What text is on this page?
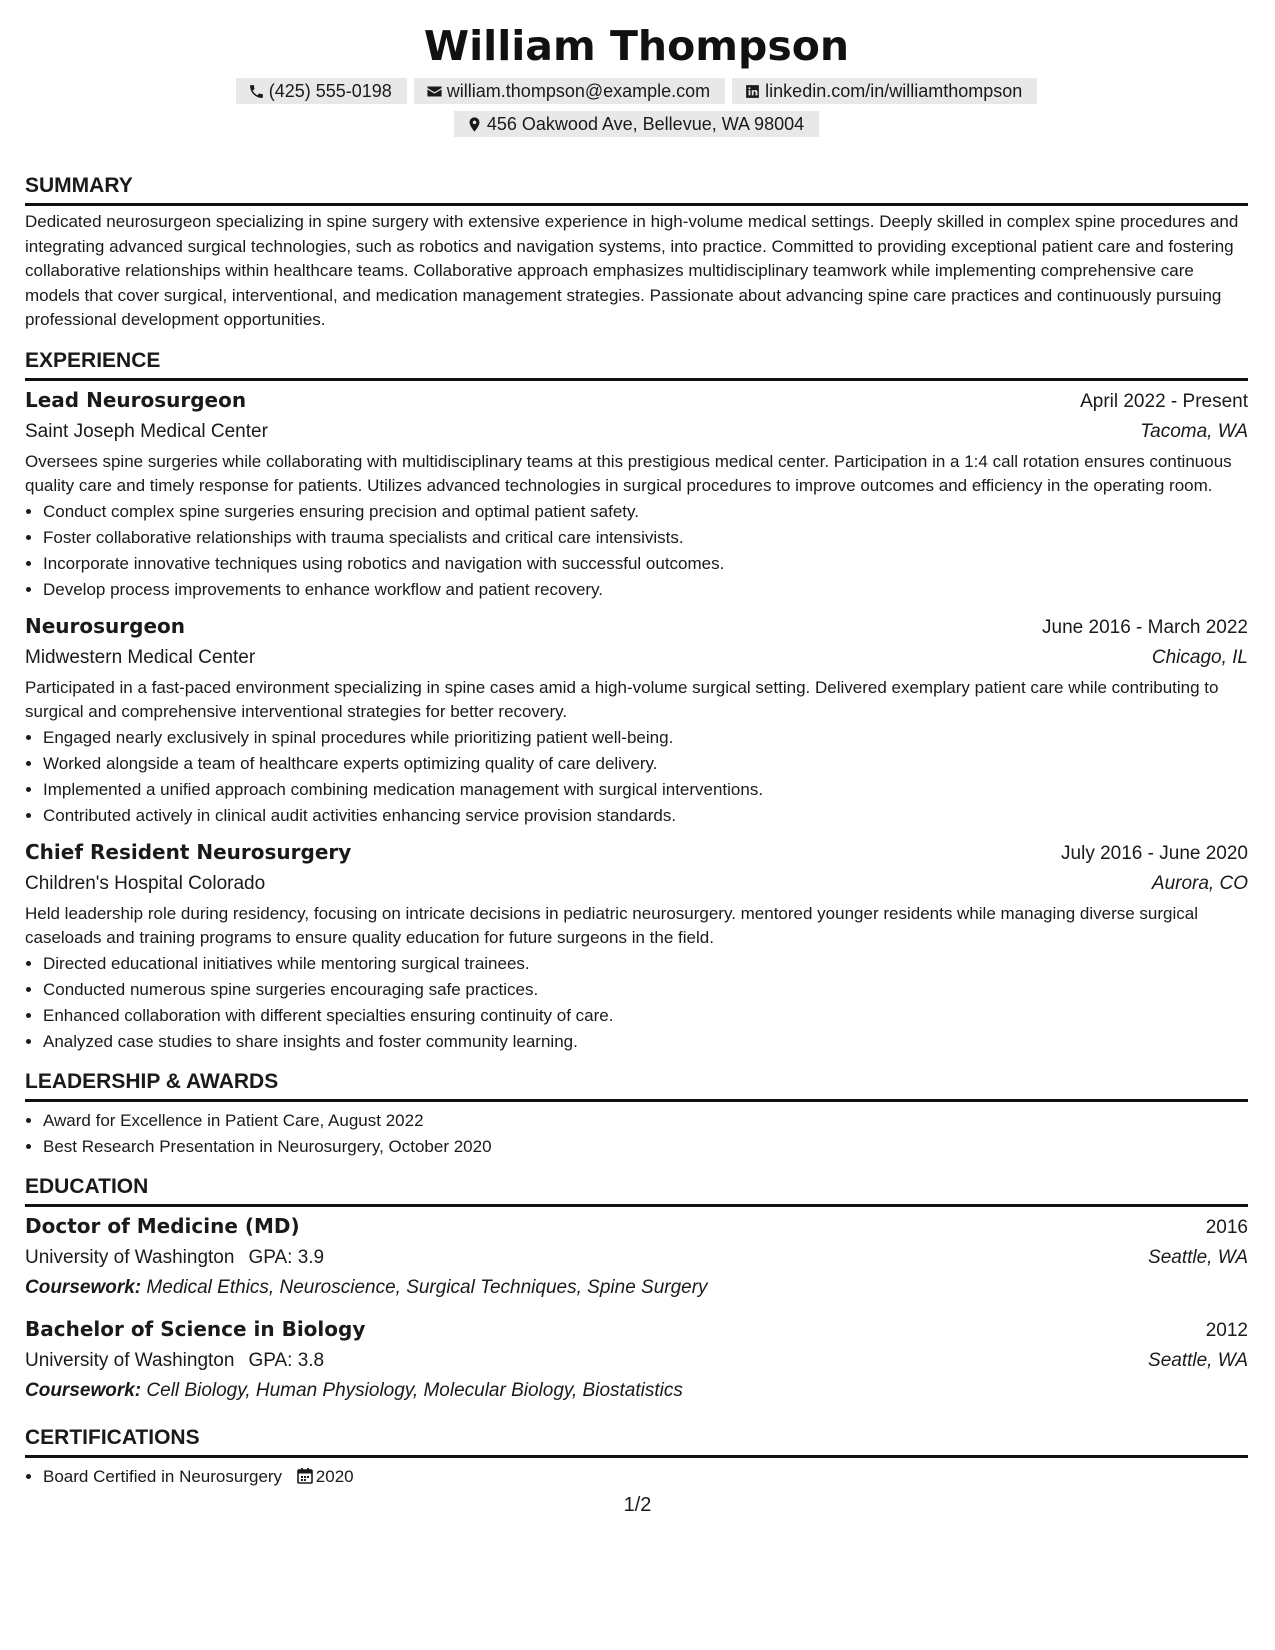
William Thompson
(425) 555-0198	william.thompson@example.com	linkedin.com/in/williamthompson
456 Oakwood Ave, Bellevue, WA 98004
SUMMARY

Dedicated neurosurgeon specializing in spine surgery with extensive experience in high-volume medical settings. Deeply skilled in complex spine procedures and integrating advanced surgical technologies, such as robotics and navigation systems, into practice. Committed to providing exceptional patient care and fostering collaborative relationships within healthcare teams. Collaborative approach emphasizes multidisciplinary teamwork while implementing comprehensive care models that cover surgical, interventional, and medication management strategies. Passionate about advancing spine care practices and continuously pursuing professional development opportunities.

EXPERIENCE
Lead Neurosurgeon	April 2022 - Present
Saint Joseph Medical Center	Tacoma, WA
Oversees spine surgeries while collaborating with multidisciplinary teams at this prestigious medical center. Participation in a 1:4 call rotation ensures continuous quality care and timely response for patients. Utilizes advanced technologies in surgical procedures to improve outcomes and efficiency in the operating room.
• Conduct complex spine surgeries ensuring precision and optimal patient safety.
• Foster collaborative relationships with trauma specialists and critical care intensivists.
• Incorporate innovative techniques using robotics and navigation with successful outcomes.
• Develop process improvements to enhance workflow and patient recovery.
Neurosurgeon	June 2016 - March 2022
Midwestern Medical Center	Chicago, IL
Participated in a fast-paced environment specializing in spine cases amid a high-volume surgical setting. Delivered exemplary patient care while contributing to surgical and comprehensive interventional strategies for better recovery.
• Engaged nearly exclusively in spinal procedures while prioritizing patient well-being.
• Worked alongside a team of healthcare experts optimizing quality of care delivery.
• Implemented a unified approach combining medication management with surgical interventions.
• Contributed actively in clinical audit activities enhancing service provision standards.
Chief Resident Neurosurgery	July 2016 - June 2020
Children's Hospital Colorado	Aurora, CO
Held leadership role during residency, focusing on intricate decisions in pediatric neurosurgery. mentored younger residents while managing diverse surgical caseloads and training programs to ensure quality education for future surgeons in the field.
• Directed educational initiatives while mentoring surgical trainees.
• Conducted numerous spine surgeries encouraging safe practices.
• Enhanced collaboration with different specialties ensuring continuity of care.
• Analyzed case studies to share insights and foster community learning.
LEADERSHIP & AWARDS
• Award for Excellence in Patient Care, August 2022
• Best Research Presentation in Neurosurgery, October 2020
EDUCATION
Doctor of Medicine (MD)	2016
University of Washington GPA: 3.9	Seattle, WA
Coursework: Medical Ethics, Neuroscience, Surgical Techniques, Spine Surgery
Bachelor of Science in Biology	2012
University of Washington GPA: 3.8	Seattle, WA
Coursework: Cell Biology, Human Physiology, Molecular Biology, Biostatistics
CERTIFICATIONS
• Board Certified in Neurosurgery 2020
1/2
